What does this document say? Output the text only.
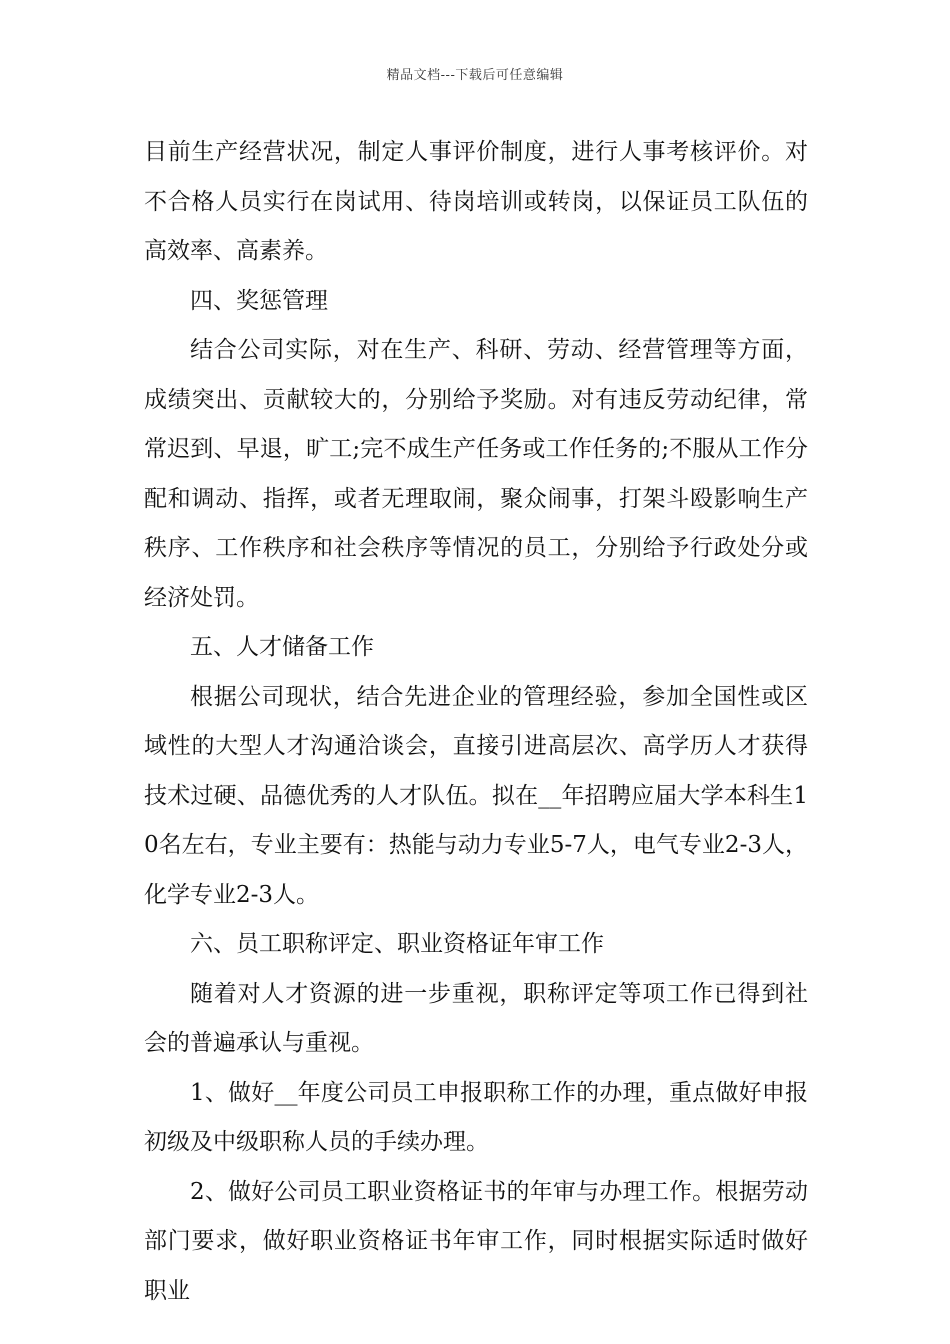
精品文档---下载后可任意编辑

目前生产经营状况，制定人事评价制度，进行人事考核评价。对不合格人员实行在岗试用、待岗培训或转岗，以保证员工队伍的高效率、高素养。

四、奖惩管理

结合公司实际，对在生产、科研、劳动、经营管理等方面，成绩突出、贡献较大的，分别给予奖励。对有违反劳动纪律，常常迟到、早退，旷工;完不成生产任务或工作任务的;不服从工作分配和调动、指挥，或者无理取闹，聚众闹事，打架斗殴影响生产秩序、工作秩序和社会秩序等情况的员工，分别给予行政处分或经济处罚。

五、人才储备工作

根据公司现状，结合先进企业的管理经验，参加全国性或区域性的大型人才沟通洽谈会，直接引进高层次、高学历人才获得技术过硬、品德优秀的人才队伍。拟在__年招聘应届大学本科生10名左右，专业主要有：热能与动力专业5-7人，电气专业2-3人，化学专业2-3人。

六、员工职称评定、职业资格证年审工作

随着对人才资源的进一步重视，职称评定等项工作已得到社会的普遍承认与重视。

1、做好__年度公司员工申报职称工作的办理，重点做好申报初级及中级职称人员的手续办理。

2、做好公司员工职业资格证书的年审与办理工作。根据劳动部门要求，做好职业资格证书年审工作，同时根据实际适时做好职业
